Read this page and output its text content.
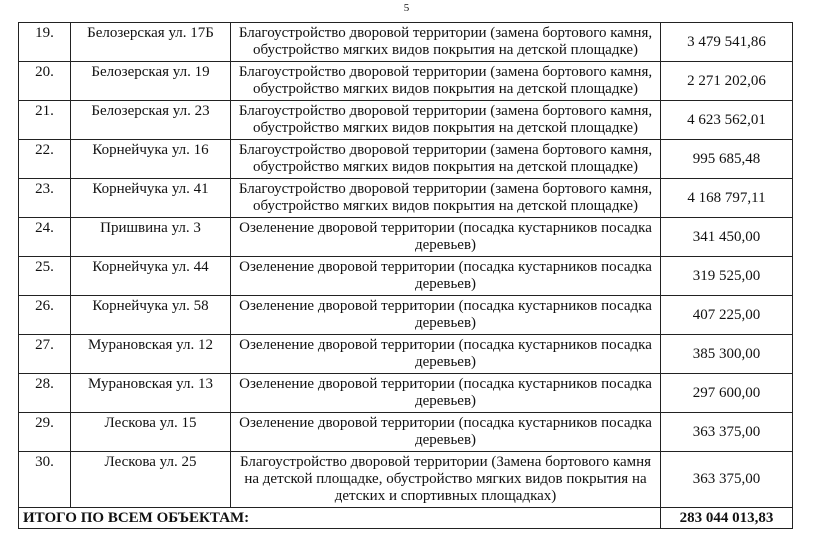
5
19.	Белозерская ул. 17Б	Благоустройство дворовой территории (замена бортового камня, обустройство мягких видов покрытия на детской площадке)	3 479 541,86
20.	Белозерская ул. 19	Благоустройство дворовой территории (замена бортового камня, обустройство мягких видов покрытия на детской площадке)	2 271 202,06
21.	Белозерская ул. 23	Благоустройство дворовой территории (замена бортового камня, обустройство мягких видов покрытия на детской площадке)	4 623 562,01
22.	Корнейчука ул. 16	Благоустройство дворовой территории (замена бортового камня, обустройство мягких видов покрытия на детской площадке)	995 685,48
23.	Корнейчука ул. 41	Благоустройство дворовой территории (замена бортового камня, обустройство мягких видов покрытия на детской площадке)	4 168 797,11
24.	Пришвина ул. 3	Озеленение дворовой территории (посадка кустарников посадка деревьев)	341 450,00
25.	Корнейчука ул. 44	Озеленение дворовой территории (посадка кустарников посадка деревьев)	319 525,00
26.	Корнейчука ул. 58	Озеленение дворовой территории (посадка кустарников посадка деревьев)	407 225,00
27.	Мурановская ул. 12	Озеленение дворовой территории (посадка кустарников посадка деревьев)	385 300,00
28.	Мурановская ул. 13	Озеленение дворовой территории (посадка кустарников посадка деревьев)	297 600,00
29.	Лескова ул. 15	Озеленение дворовой территории (посадка кустарников посадка деревьев)	363 375,00
30.	Лескова ул. 25	Благоустройство дворовой территории (Замена бортового камня на детской площадке, обустройство мягких видов покрытия на детских и спортивных площадках)	363 375,00
ИТОГО ПО ВСЕМ ОБЪЕКТАМ:			283 044 013,83
